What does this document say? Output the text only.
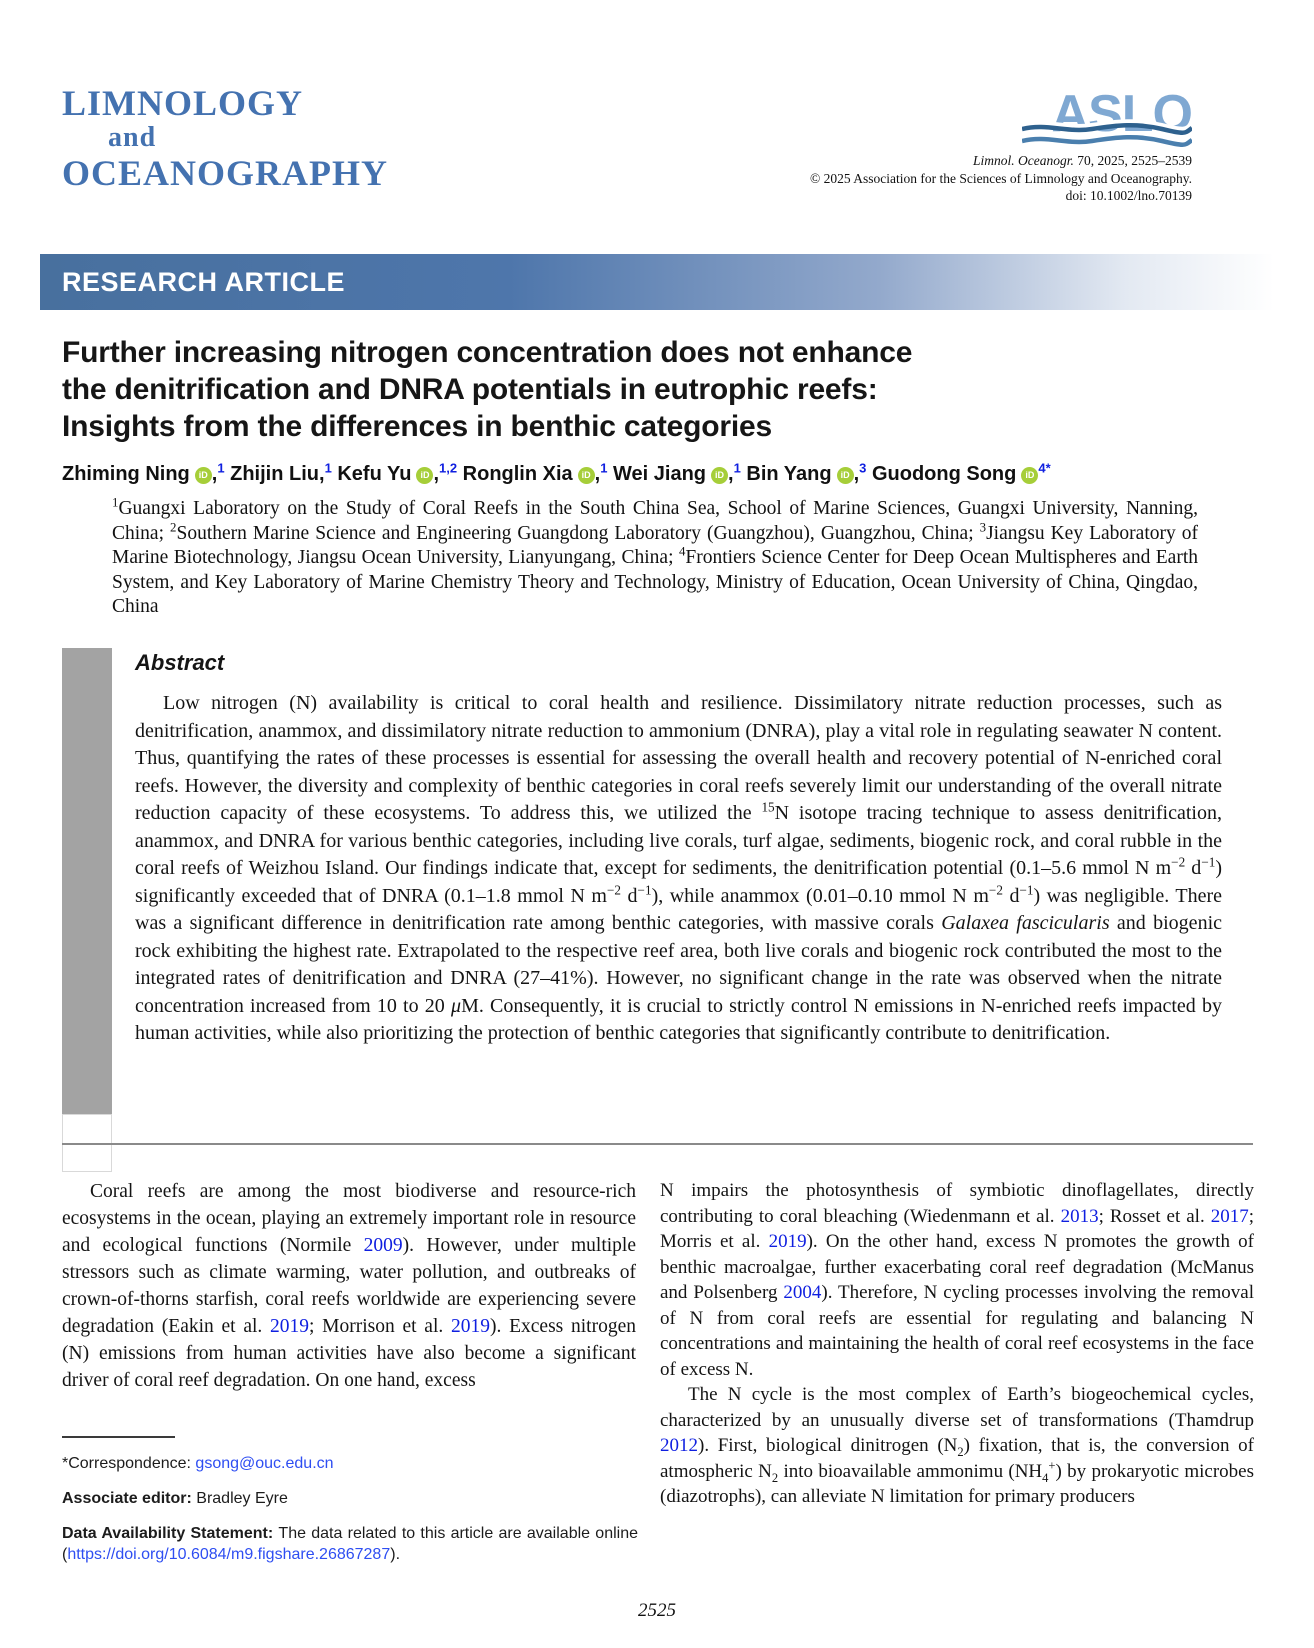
LIMNOLOGY
and
OCEANOGRAPHY
ASLO
Limnol. Oceanogr. 70, 2025, 2525–2539
© 2025 Association for the Sciences of Limnology and Oceanography.
doi: 10.1002/lno.70139
RESEARCH ARTICLE
Further increasing nitrogen concentration does not enhance
the denitrification and DNRA potentials in eutrophic reefs:
Insights from the differences in benthic categories
Zhiming Ning iD ,$^1$ Zhijin Liu,$^1$ Kefu Yu iD ,$^{1,2}$ Ronglin Xia iD ,$^1$ Wei Jiang iD ,$^1$ Bin Yang iD ,$^3$ Guodong Song iD $^{4*}$
$^1$Guangxi Laboratory on the Study of Coral Reefs in the South China Sea, School of Marine Sciences, Guangxi University, Nanning, China; $^2$Southern Marine Science and Engineering Guangdong Laboratory (Guangzhou), Guangzhou, China; $^3$Jiangsu Key Laboratory of Marine Biotechnology, Jiangsu Ocean University, Lianyungang, China; $^4$Frontiers Science Center for Deep Ocean Multispheres and Earth System, and Key Laboratory of Marine Chemistry Theory and Technology, Ministry of Education, Ocean University of China, Qingdao, China
Abstract
Low nitrogen (N) availability is critical to coral health and resilience. Dissimilatory nitrate reduction processes, such as denitrification, anammox, and dissimilatory nitrate reduction to ammonium (DNRA), play a vital role in regulating seawater N content. Thus, quantifying the rates of these processes is essential for assessing the overall health and recovery potential of N-enriched coral reefs. However, the diversity and complexity of benthic categories in coral reefs severely limit our understanding of the overall nitrate reduction capacity of these ecosystems. To address this, we utilized the $^{15}$N isotope tracing technique to assess denitrification, anammox, and DNRA for various benthic categories, including live corals, turf algae, sediments, biogenic rock, and coral rubble in the coral reefs of Weizhou Island. Our findings indicate that, except for sediments, the denitrification potential (0.1–5.6 mmol N $m^{-2}$ $d^{-1}$) significantly exceeded that of DNRA (0.1–1.8 mmol N $m^{-2}$ $d^{-1}$), while anammox (0.01–0.10 mmol N $m^{-2}$ $d^{-1}$) was negligible. There was a significant difference in denitrification rate among benthic categories, with massive corals Galaxea fascicularis and biogenic rock exhibiting the highest rate. Extrapolated to the respective reef area, both live corals and biogenic rock contributed the most to the integrated rates of denitrification and DNRA (27–41%). However, no significant change in the rate was observed when the nitrate concentration increased from 10 to 20 μM. Consequently, it is crucial to strictly control N emissions in N-enriched reefs impacted by human activities, while also prioritizing the protection of benthic categories that significantly contribute to denitrification.

Coral reefs are among the most biodiverse and resource-rich ecosystems in the ocean, playing an extremely important role in resource and ecological functions (Normile 2009). However, under multiple stressors such as climate warming, water pollution, and outbreaks of crown-of-thorns starfish, coral reefs worldwide are experiencing severe degradation (Eakin et al. 2019; Morrison et al. 2019). Excess nitrogen (N) emissions from human activities have also become a significant driver of coral reef degradation. On one hand, excess

N impairs the photosynthesis of symbiotic dinoflagellates, directly contributing to coral bleaching (Wiedenmann et al. 2013; Rosset et al. 2017; Morris et al. 2019). On the other hand, excess N promotes the growth of benthic macroalgae, further exacerbating coral reef degradation (McManus and Polsenberg 2004). Therefore, N cycling processes involving the removal of N from coral reefs are essential for regulating and balancing N concentrations and maintaining the health of coral reef ecosystems in the face of excess N.

The N cycle is the most complex of Earth’s biogeochemical cycles, characterized by an unusually diverse set of transformations (Thamdrup 2012). First, biological dinitrogen $(N_2)$ fixation, that is, the conversion of atmospheric $N_2$ into bioavailable ammonimu $(NH_4^+)$ by prokaryotic microbes (diazotrophs), can alleviate N limitation for primary producers

*Correspondence: gsong@ouc.edu.cn
Associate editor: Bradley Eyre
Data Availability Statement: The data related to this article are available online (https://doi.org/10.6084/m9.figshare.26867287).
2525
